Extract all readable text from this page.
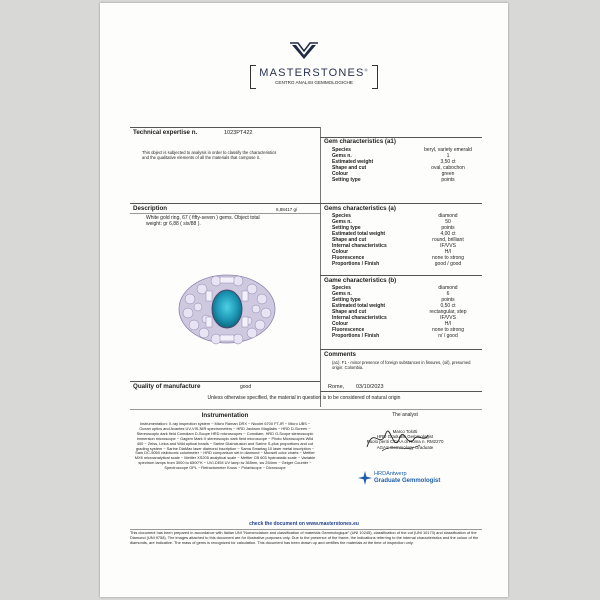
MASTERSTONES®
CENTRO ANALISI GEMMOLOGICHE
Technical expertise n.	1023PT422
This object is subjected to analysis in order to classify the characteristics and the qualitative elements of all the materials that compose it.
Gem characteristics (a1)
Species	beryl, variety emerald
Gems n.	1
Estimated weight	3,50 ct
Shape and cut	oval, cabochon
Colour	green
Setting type	points
Description	6,88417 g/
White gold ring, 67 ( fifty-seven ) gems. Object total weight: gr 6,88 ( six/88 ).
Quality of manufacture	good
Gems characteristics (a)
Species	diamond
Gems n.	50
Setting type	points
Estimated total weight	4,00 ct
Shape and cut	round, brilliant
Internal characteristics	IF/VVS
Colour	H/I
Fluorescence	none to strong
Proportions / Finish	good / good
Game characteristics (b)
Species	diamond
Gems n.	6
Setting type	points
Estimated total weight	0,50 ct
Shape and cut	rectangular, step
Internal characteristics	IF/VVS
Colour	H/I
Fluorescence	none to strong
Proportions / Finish	n/ / good
Comments
(a1): F1 - minor presence of foreign substances in fissures, (oil), presumed origin: Colombia.
Rome, 03/10/2023
Unless otherwise specified, the material in question is to be considered of natural origin
Instrumentation
Instrumentation: X-ray inspection system ~ Micro Raman DRX ~ Nicolet 6700 FT-IR ~ Micro UBS ~ Ocean optics and Avantes UV-VIS-NIR spectrometers ~ HRD Jackson Magilabs ~ HRD D-Screen ~ Stereoscopic dark field Comdiam D-Scope HRD microscopes ~ Comdiam. HRD G-Scope stereoscopic immersion microscope ~ Gagem Mark X stereoscopic dark field microscope ~ Photo Microscopes Wild 400 ~ Zeiss, Leica and Wild optical heads ~ Sarine DiaInclusion and Sarine S-plus proportions and cut grading system ~ Sarine DiaMax laser diamond inscription ~ Sama Smartag 10 laser metal inscription ~ Sam DC-5050 visibiconic colorimeter ~ HRD comparison set in diamond ~ Munsell color charts ~ Mettler MX6 microanalytical scale ~ Mettler XS205 analytical scale ~ Mettler CB 603 hydrostatic scale ~ Variable spectrum lamps from 3000 to 6500°K ~ UVI-DEM UV lamp lw 365nm, sw 254nm ~ Geiger Counter ~ Spectroscope OPL ~ Refractometer Kruss ~ Polariscope ~ Dicroscope
The analyst
Marco Tolotti
HRD Graduate Gemmologist
Ruolo periti CCIAA di Roma n. RM2270
AGAS Gemmology Graduate
HRDAntwerp
Graduate Gemmologist
check the document on www.masterstones.eu
This document has been prepared in accordance with Italian UNI "Nomenclature and classification of materials Gemmologique" (UNI 10245), classification of the cut (UNI 10173) and classification of the Diamond (UNI 9758). The images attached to this document are for illustrative purposes only. Due to the presence of the frame, the indications referring to the internal characteristics and the colour of the diamonds, are indicative. The mass of gems is recognized for calculation. This document has been drawn up and certifies the materials at the time of inspection only.
